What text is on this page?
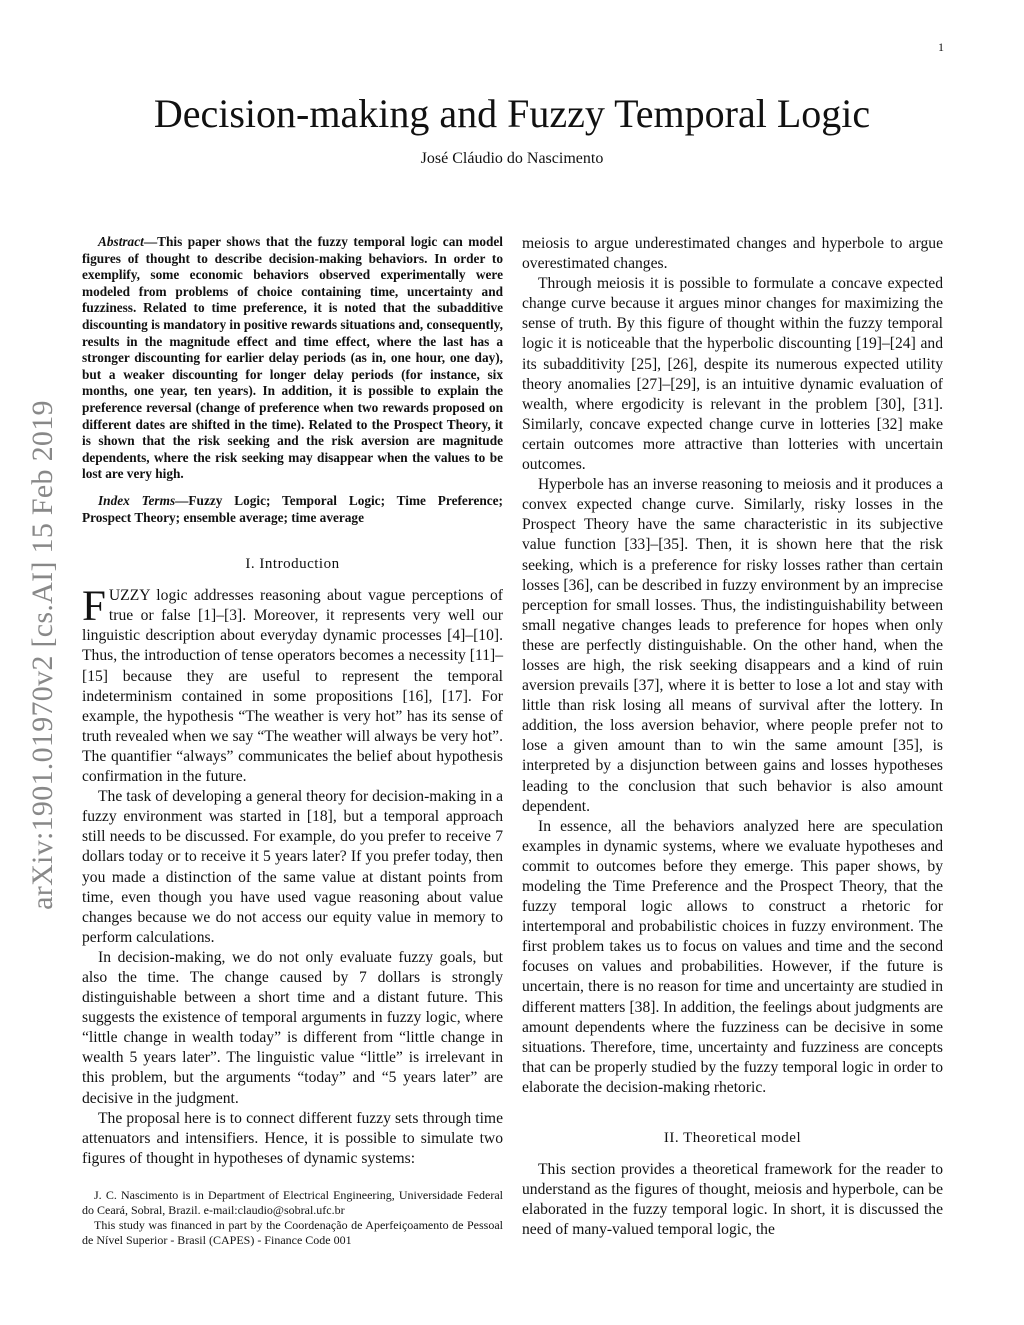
1
arXiv:1901.01970v2 [cs.AI] 15 Feb 2019
Decision-making and Fuzzy Temporal Logic
José Cláudio do Nascimento

Abstract—This paper shows that the fuzzy temporal logic can model figures of thought to describe decision-making behaviors. In order to exemplify, some economic behaviors observed experimentally were modeled from problems of choice containing time, uncertainty and fuzziness. Related to time preference, it is noted that the subadditive discounting is mandatory in positive rewards situations and, consequently, results in the magnitude effect and time effect, where the last has a stronger discounting for earlier delay periods (as in, one hour, one day), but a weaker discounting for longer delay periods (for instance, six months, one year, ten years). In addition, it is possible to explain the preference reversal (change of preference when two rewards proposed on different dates are shifted in the time). Related to the Prospect Theory, it is shown that the risk seeking and the risk aversion are magnitude dependents, where the risk seeking may disappear when the values to be lost are very high.

Index Terms—Fuzzy Logic; Temporal Logic; Time Preference; Prospect Theory; ensemble average; time average

I. Introduction

FUZZY logic addresses reasoning about vague perceptions of true or false [1]–[3]. Moreover, it represents very well our linguistic description about everyday dynamic processes [4]–[10]. Thus, the introduction of tense operators becomes a necessity [11]–[15] because they are useful to represent the temporal indeterminism contained in some propositions [16], [17]. For example, the hypothesis “The weather is very hot” has its sense of truth revealed when we say “The weather will always be very hot”. The quantifier “always” communicates the belief about hypothesis confirmation in the future.

The task of developing a general theory for decision-making in a fuzzy environment was started in [18], but a temporal approach still needs to be discussed. For example, do you prefer to receive 7 dollars today or to receive it 5 years later? If you prefer today, then you made a distinction of the same value at distant points from time, even though you have used vague reasoning about value changes because we do not access our equity value in memory to perform calculations.

In decision-making, we do not only evaluate fuzzy goals, but also the time. The change caused by 7 dollars is strongly distinguishable between a short time and a distant future. This suggests the existence of temporal arguments in fuzzy logic, where “little change in wealth today” is different from “little change in wealth 5 years later”. The linguistic value “little” is irrelevant in this problem, but the arguments “today” and “5 years later” are decisive in the judgment.

The proposal here is to connect different fuzzy sets through time attenuators and intensifiers. Hence, it is possible to simulate two figures of thought in hypotheses of dynamic systems:

J. C. Nascimento is in Department of Electrical Engineering, Universidade Federal do Ceará, Sobral, Brazil. e-mail:claudio@sobral.ufc.br

This study was financed in part by the Coordenação de Aperfeiçoamento de Pessoal de Nível Superior - Brasil (CAPES) - Finance Code 001

meiosis to argue underestimated changes and hyperbole to argue overestimated changes.

Through meiosis it is possible to formulate a concave expected change curve because it argues minor changes for maximizing the sense of truth. By this figure of thought within the fuzzy temporal logic it is noticeable that the hyperbolic discounting [19]–[24] and its subadditivity [25], [26], despite its numerous expected utility theory anomalies [27]–[29], is an intuitive dynamic evaluation of wealth, where ergodicity is relevant in the problem [30], [31]. Similarly, concave expected change curve in lotteries [32] make certain outcomes more attractive than lotteries with uncertain outcomes.

Hyperbole has an inverse reasoning to meiosis and it produces a convex expected change curve. Similarly, risky losses in the Prospect Theory have the same characteristic in its subjective value function [33]–[35]. Then, it is shown here that the risk seeking, which is a preference for risky losses rather than certain losses [36], can be described in fuzzy environment by an imprecise perception for small losses. Thus, the indistinguishability between small negative changes leads to preference for hopes when only these are perfectly distinguishable. On the other hand, when the losses are high, the risk seeking disappears and a kind of ruin aversion prevails [37], where it is better to lose a lot and stay with little than risk losing all means of survival after the lottery. In addition, the loss aversion behavior, where people prefer not to lose a given amount than to win the same amount [35], is interpreted by a disjunction between gains and losses hypotheses leading to the conclusion that such behavior is also amount dependent.

In essence, all the behaviors analyzed here are speculation examples in dynamic systems, where we evaluate hypotheses and commit to outcomes before they emerge. This paper shows, by modeling the Time Preference and the Prospect Theory, that the fuzzy temporal logic allows to construct a rhetoric for intertemporal and probabilistic choices in fuzzy environment. The first problem takes us to focus on values and time and the second focuses on values and probabilities. However, if the future is uncertain, there is no reason for time and uncertainty are studied in different matters [38]. In addition, the feelings about judgments are amount dependents where the fuzziness can be decisive in some situations. Therefore, time, uncertainty and fuzziness are concepts that can be properly studied by the fuzzy temporal logic in order to elaborate the decision-making rhetoric.

II. Theoretical model

This section provides a theoretical framework for the reader to understand as the figures of thought, meiosis and hyperbole, can be elaborated in the fuzzy temporal logic. In short, it is discussed the need of many-valued temporal logic, the
